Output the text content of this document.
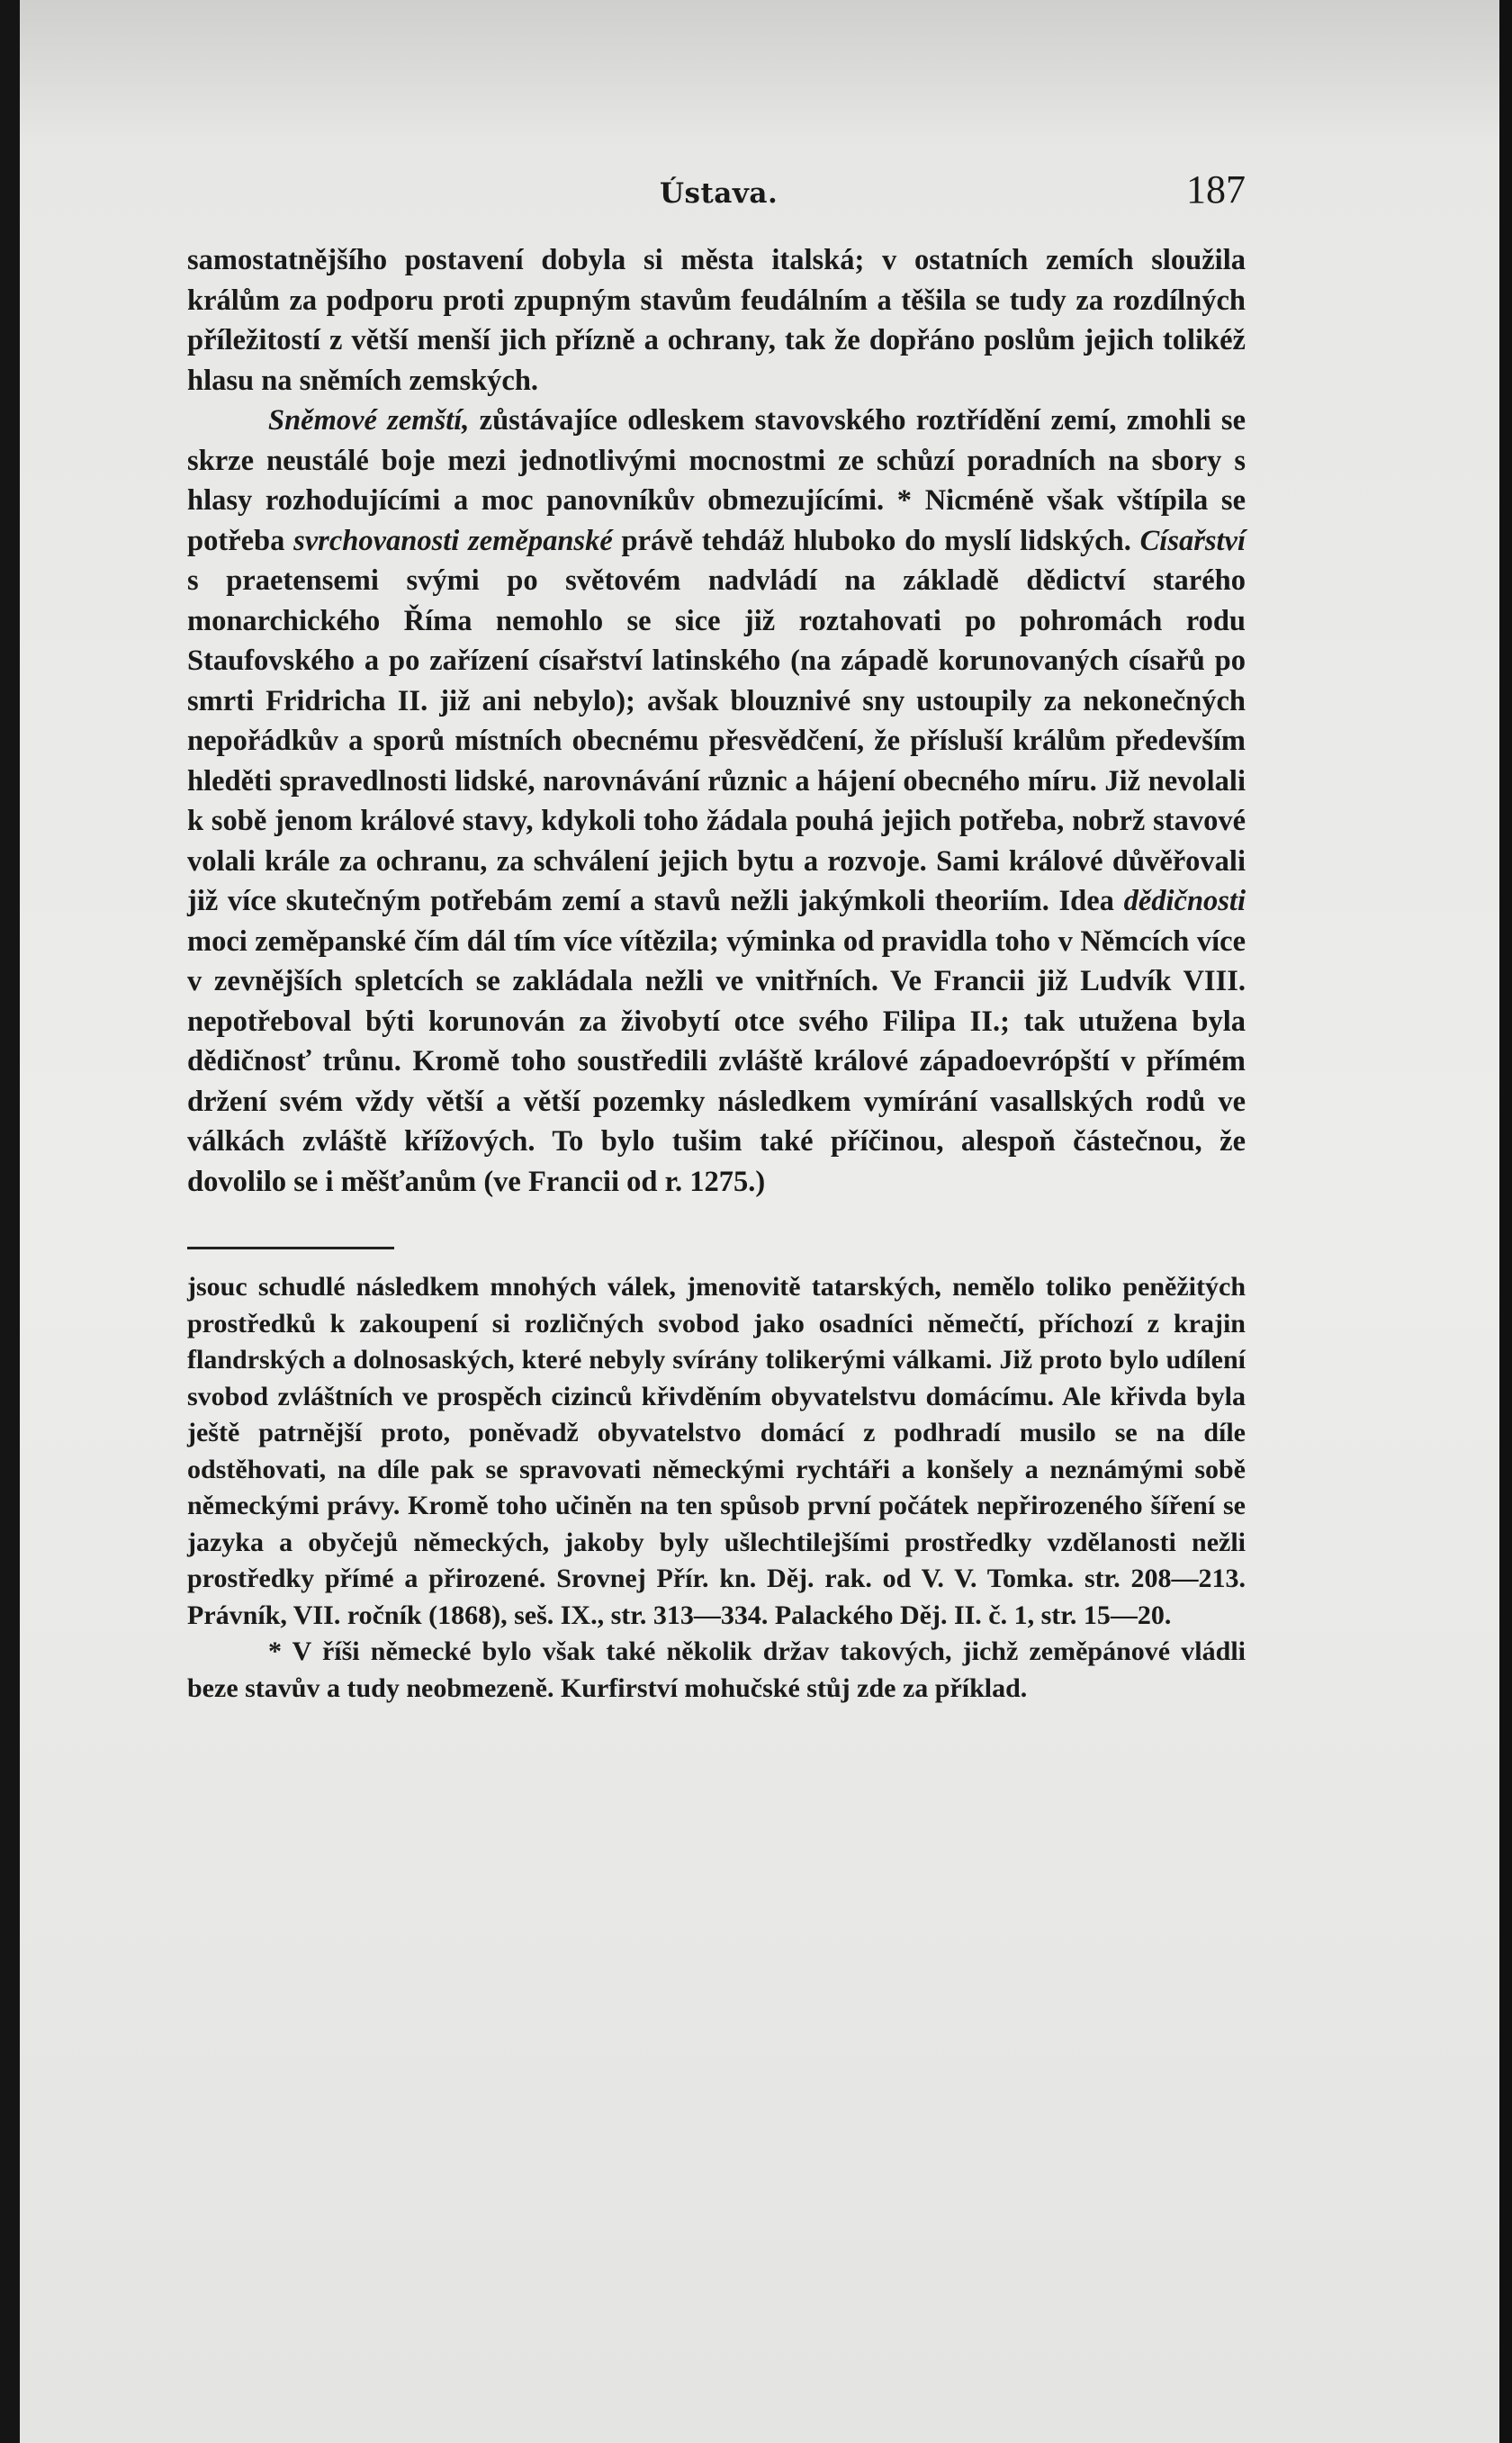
Ústava.	187

samostatnějšího postavení dobyla si města italská; v ostatních zemích sloužila králům za podporu proti zpupným stavům feudálním a těšila se tudy za rozdílných příležitostí z větší menší jich přízně a ochrany, tak že dopřáno poslům jejich tolikéž hlasu na sněmích zemských.

Sněmové zemští, zůstávajíce odleskem stavovského roztřídění zemí, zmohli se skrze neustálé boje mezi jednotlivými mocnostmi ze schůzí poradních na sbory s hlasy rozhodujícími a moc panovníkův obmezujícími. * Nicméně však vštípila se potřeba svrchovanosti zeměpanské právě tehdáž hluboko do myslí lidských. Císařství s praetensemi svými po světovém nadvládí na základě dědictví starého monarchického Říma nemohlo se sice již roztahovati po pohromách rodu Staufovského a po zařízení císařství latinského (na západě korunovaných císařů po smrti Fridricha II. již ani nebylo); avšak blouznivé sny ustoupily za nekonečných nepořádkův a sporů místních obecnému přesvědčení, že přísluší králům především hleděti spravedlnosti lidské, narovnávání různic a hájení obecného míru. Již nevolali k sobě jenom králové stavy, kdykoli toho žádala pouhá jejich potřeba, nobrž stavové volali krále za ochranu, za schválení jejich bytu a rozvoje. Sami králové důvěřovali již více skutečným potřebám zemí a stavů nežli jakýmkoli theoriím. Idea dědičnosti moci zeměpanské čím dál tím více vítězila; výminka od pravidla toho v Němcích více v zevnějších spletcích se zakládala nežli ve vnitřních. Ve Francii již Ludvík VIII. nepotřeboval býti korunován za živobytí otce svého Filipa II.; tak utužena byla dědičnosť trůnu. Kromě toho soustředili zvláště králové západoevrópští v přímém držení svém vždy větší a větší pozemky následkem vymírání vasallských rodů ve válkách zvláště křížových. To bylo tušim také příčinou, alespoň částečnou, že dovolilo se i měšťanům (ve Francii od r. 1275.)

jsouc schudlé následkem mnohých válek, jmenovitě tatarských, nemělo toliko peněžitých prostředků k zakoupení si rozličných svobod jako osadníci němečtí, příchozí z krajin flandrských a dolnosaských, které nebyly svírány tolikerými válkami. Již proto bylo udílení svobod zvláštních ve prospěch cizinců křivděním obyvatelstvu domácímu. Ale křivda byla ještě patrnější proto, poněvadž obyvatelstvo domácí z podhradí musilo se na díle odstěhovati, na díle pak se spravovati německými rychtáři a konšely a neznámými sobě německými právy. Kromě toho učiněn na ten spůsob první počátek nepřirozeného šíření se jazyka a obyčejů německých, jakoby byly ušlechtilejšími prostředky vzdělanosti nežli prostředky přímé a přirozené. Srovnej Přír. kn. Děj. rak. od V. V. Tomka. str. 208—213. Právník, VII. ročník (1868), seš. IX., str. 313—334. Palackého Děj. II. č. 1, str. 15—20.

* V říši německé bylo však také několik držav takových, jichž zeměpánové vládli beze stavův a tudy neobmezeně. Kurfirství mohučské stůj zde za příklad.
